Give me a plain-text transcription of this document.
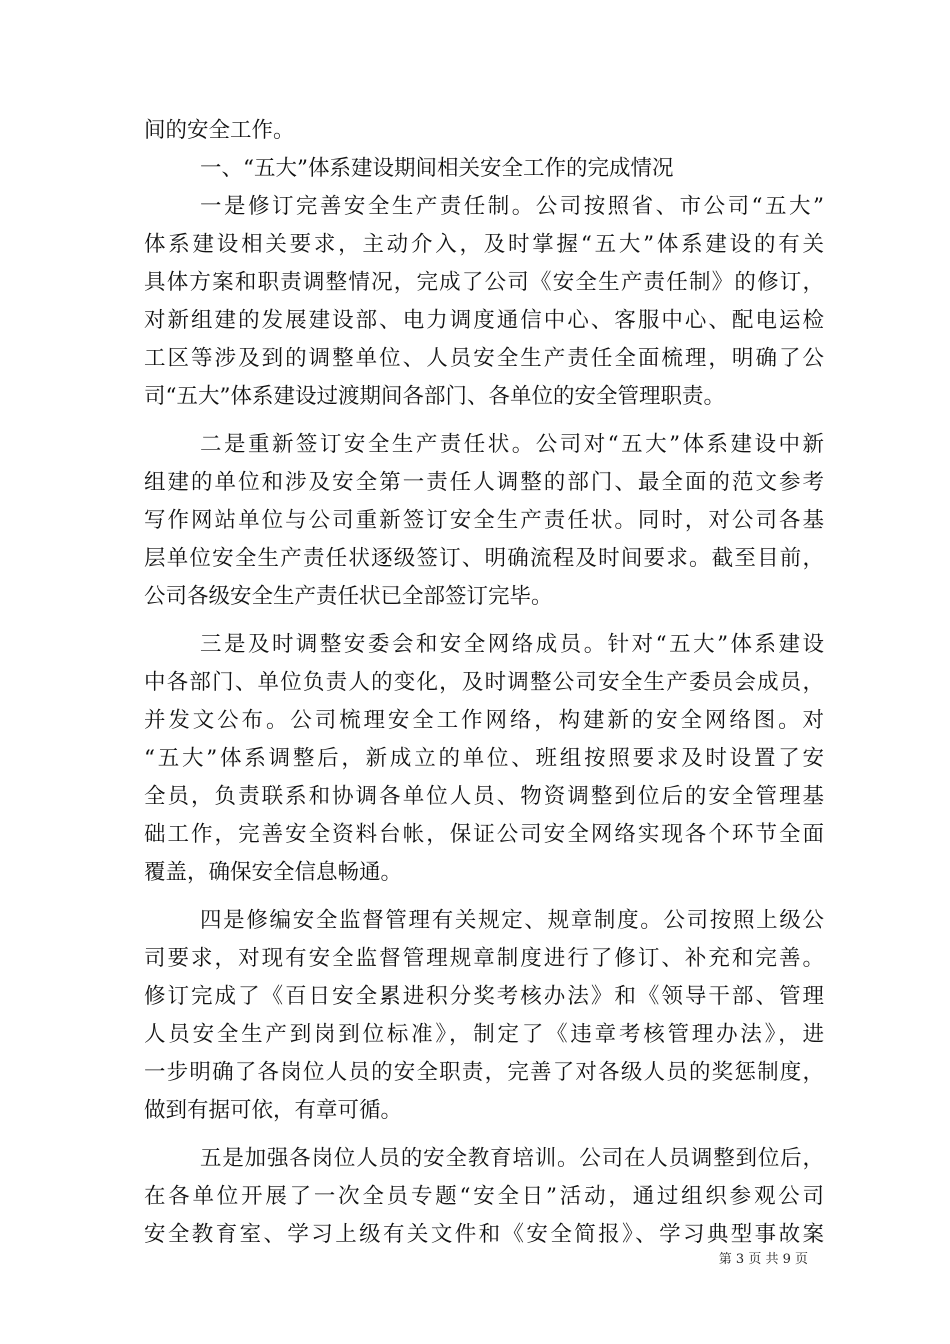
间的安全工作。
一、“五大”体系建设期间相关安全工作的完成情况
一是修订完善安全生产责任制。公司按照省、市公司“五大”
体系建设相关要求，主动介入，及时掌握“五大”体系建设的有关
具体方案和职责调整情况，完成了公司《安全生产责任制》的修订，
对新组建的发展建设部、电力调度通信中心、客服中心、配电运检
工区等涉及到的调整单位、人员安全生产责任全面梳理，明确了公
司“五大”体系建设过渡期间各部门、各单位的安全管理职责。
二是重新签订安全生产责任状。公司对“五大”体系建设中新
组建的单位和涉及安全第一责任人调整的部门、最全面的范文参考
写作网站单位与公司重新签订安全生产责任状。同时，对公司各基
层单位安全生产责任状逐级签订、明确流程及时间要求。截至目前，
公司各级安全生产责任状已全部签订完毕。
三是及时调整安委会和安全网络成员。针对“五大”体系建设
中各部门、单位负责人的变化，及时调整公司安全生产委员会成员，
并发文公布。公司梳理安全工作网络，构建新的安全网络图。对
“五大”体系调整后，新成立的单位、班组按照要求及时设置了安
全员，负责联系和协调各单位人员、物资调整到位后的安全管理基
础工作，完善安全资料台帐，保证公司安全网络实现各个环节全面
覆盖，确保安全信息畅通。
四是修编安全监督管理有关规定、规章制度。公司按照上级公
司要求，对现有安全监督管理规章制度进行了修订、补充和完善。
修订完成了《百日安全累进积分奖考核办法》和《领导干部、管理
人员安全生产到岗到位标准》，制定了《违章考核管理办法》，进
一步明确了各岗位人员的安全职责，完善了对各级人员的奖惩制度，
做到有据可依，有章可循。
五是加强各岗位人员的安全教育培训。公司在人员调整到位后，
在各单位开展了一次全员专题“安全日”活动，通过组织参观公司
安全教育室、学习上级有关文件和《安全简报》、学习典型事故案
第 3 页 共 9 页
